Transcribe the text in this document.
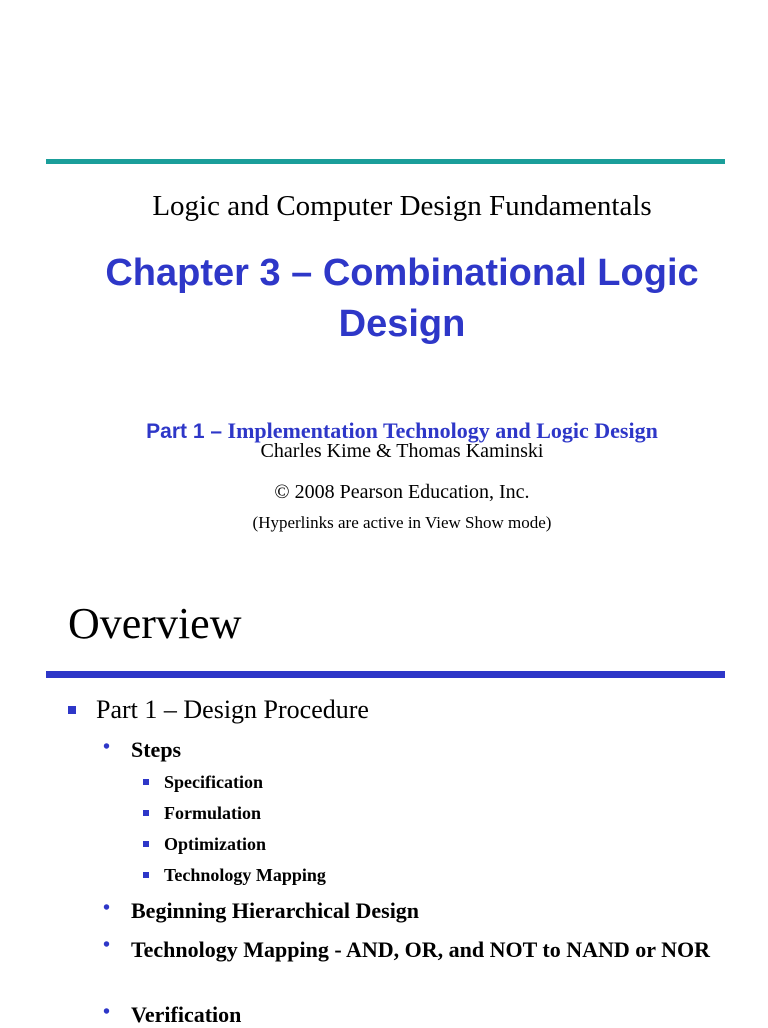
Logic and Computer Design Fundamentals
Chapter 3 – Combinational Logic Design
Part 1 – Implementation Technology and Logic Design
Charles Kime & Thomas Kaminski
© 2008 Pearson Education, Inc.
(Hyperlinks are active in View Show mode)
Overview
Part 1 – Design Procedure
• Steps
Specification
Formulation
Optimization
Technology Mapping
• Beginning Hierarchical Design
• Technology Mapping - AND, OR, and NOT to NAND or NOR
• Verification
